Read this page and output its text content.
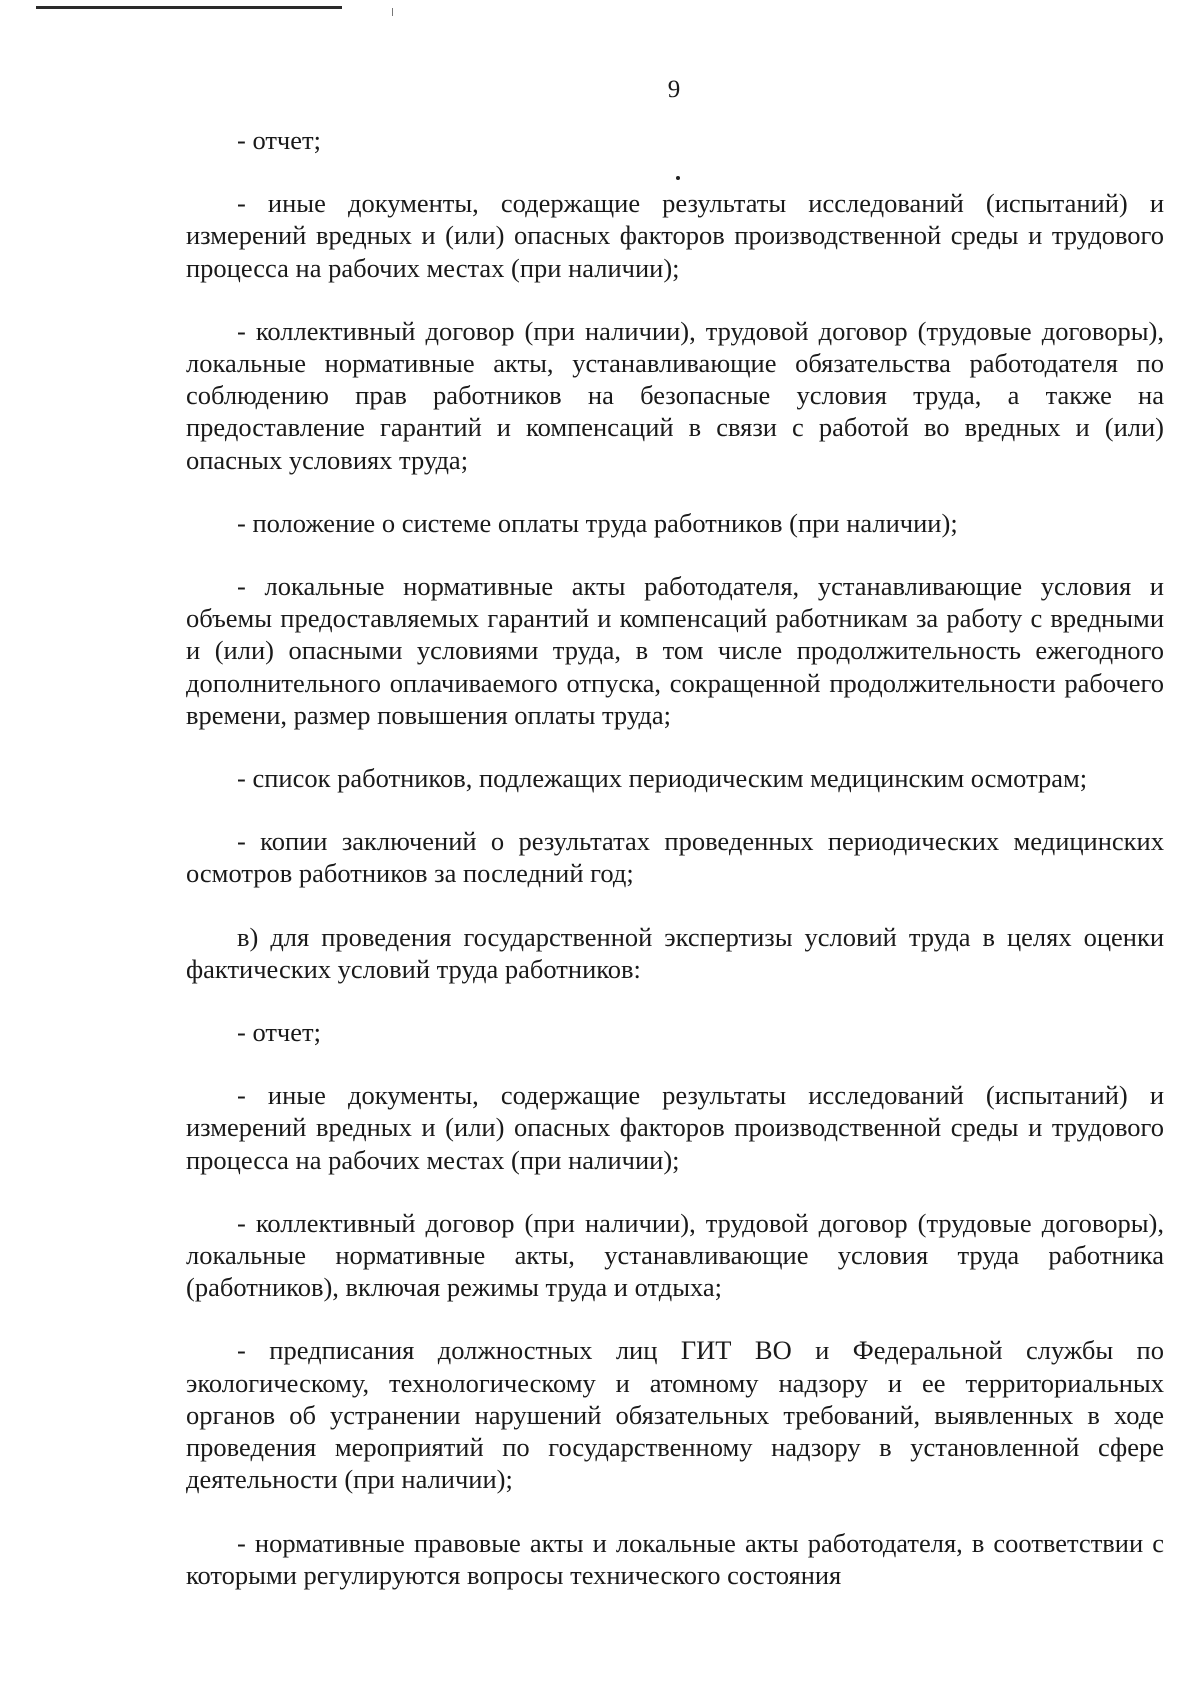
9

- отчет;

- иные документы, содержащие результаты исследований (испытаний) и измерений вредных и (или) опасных факторов производственной среды и трудового процесса на рабочих местах (при наличии);

- коллективный договор (при наличии), трудовой договор (трудовые договоры), локальные нормативные акты, устанавливающие обязательства работодателя по соблюдению прав работников на безопасные условия труда, а также на предоставление гарантий и компенсаций в связи с работой во вредных и (или) опасных условиях труда;

- положение о системе оплаты труда работников (при наличии);

- локальные нормативные акты работодателя, устанавливающие условия и объемы предоставляемых гарантий и компенсаций работникам за работу с вредными и (или) опасными условиями труда, в том числе продолжительность ежегодного дополнительного оплачиваемого отпуска, сокращенной продолжительности рабочего времени, размер повышения оплаты труда;

- список работников, подлежащих периодическим медицинским осмотрам;

- копии заключений о результатах проведенных периодических медицинских осмотров работников за последний год;

в) для проведения государственной экспертизы условий труда в целях оценки фактических условий труда работников:

- отчет;

- иные документы, содержащие результаты исследований (испытаний) и измерений вредных и (или) опасных факторов производственной среды и трудового процесса на рабочих местах (при наличии);

- коллективный договор (при наличии), трудовой договор (трудовые договоры), локальные нормативные акты, устанавливающие условия труда работника (работников), включая режимы труда и отдыха;

- предписания должностных лиц ГИТ ВО и Федеральной службы по экологическому, технологическому и атомному надзору и ее территориальных органов об устранении нарушений обязательных требований, выявленных в ходе проведения мероприятий по государственному надзору в установленной сфере деятельности (при наличии);

- нормативные правовые акты и локальные акты работодателя, в соответствии с которыми регулируются вопросы технического состояния
